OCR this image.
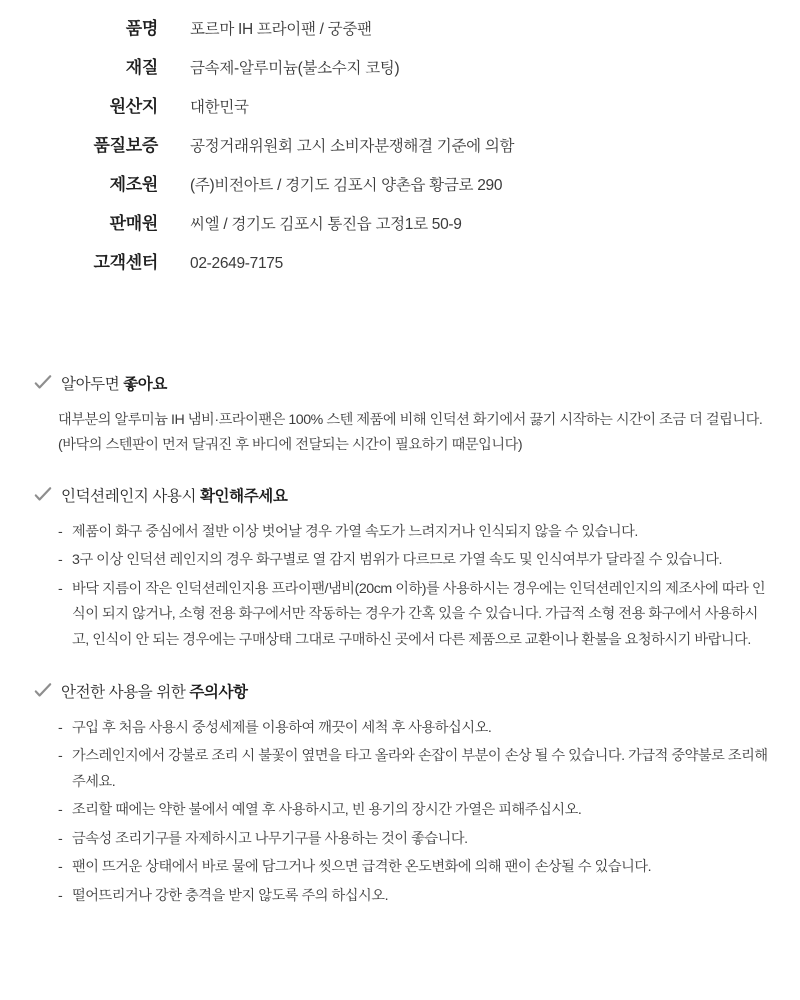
품명	포르마 IH 프라이팬 / 궁중팬
재질	금속제-알루미늄(불소수지 코팅)
원산지	대한민국
품질보증	공정거래위원회 고시 소비자분쟁해결 기준에 의함
제조원	(주)비전아트 / 경기도 김포시 양촌읍 황금로 290
판매원	씨엘 / 경기도 김포시 통진읍 고정1로 50-9
고객센터	02-2649-7175
알아두면 좋아요

대부분의 알루미늄 IH 냄비·프라이팬은 100% 스텐 제품에 비해 인덕션 화기에서 끓기 시작하는 시간이 조금 더 걸립니다.

(바닥의 스텐판이 먼저 달궈진 후 바디에 전달되는 시간이 필요하기 때문입니다)

인덕션레인지 사용시 확인해주세요
- 제품이 화구 중심에서 절반 이상 벗어날 경우 가열 속도가 느려지거나 인식되지 않을 수 있습니다.
- 3구 이상 인덕션 레인지의 경우 화구별로 열 감지 범위가 다르므로 가열 속도 및 인식여부가 달라질 수 있습니다.
- 바닥 지름이 작은 인덕션레인지용 프라이팬/냄비(20cm 이하)를 사용하시는 경우에는 인덕션레인지의 제조사에 따라 인식이 되지 않거나, 소형 전용 화구에서만 작동하는 경우가 간혹 있을 수 있습니다. 가급적 소형 전용 화구에서 사용하시고, 인식이 안 되는 경우에는 구매상태 그대로 구매하신 곳에서 다른 제품으로 교환이나 환불을 요청하시기 바랍니다.
안전한 사용을 위한 주의사항
- 구입 후 처음 사용시 중성세제를 이용하여 깨끗이 세척 후 사용하십시오.
- 가스레인지에서 강불로 조리 시 불꽃이 옆면을 타고 올라와 손잡이 부분이 손상 될 수 있습니다. 가급적 중약불로 조리해주세요.
- 조리할 때에는 약한 불에서 예열 후 사용하시고, 빈 용기의 장시간 가열은 피해주십시오.
- 금속성 조리기구를 자제하시고 나무기구를 사용하는 것이 좋습니다.
- 팬이 뜨거운 상태에서 바로 물에 담그거나 씻으면 급격한 온도변화에 의해 팬이 손상될 수 있습니다.
- 떨어뜨리거나 강한 충격을 받지 않도록 주의 하십시오.
